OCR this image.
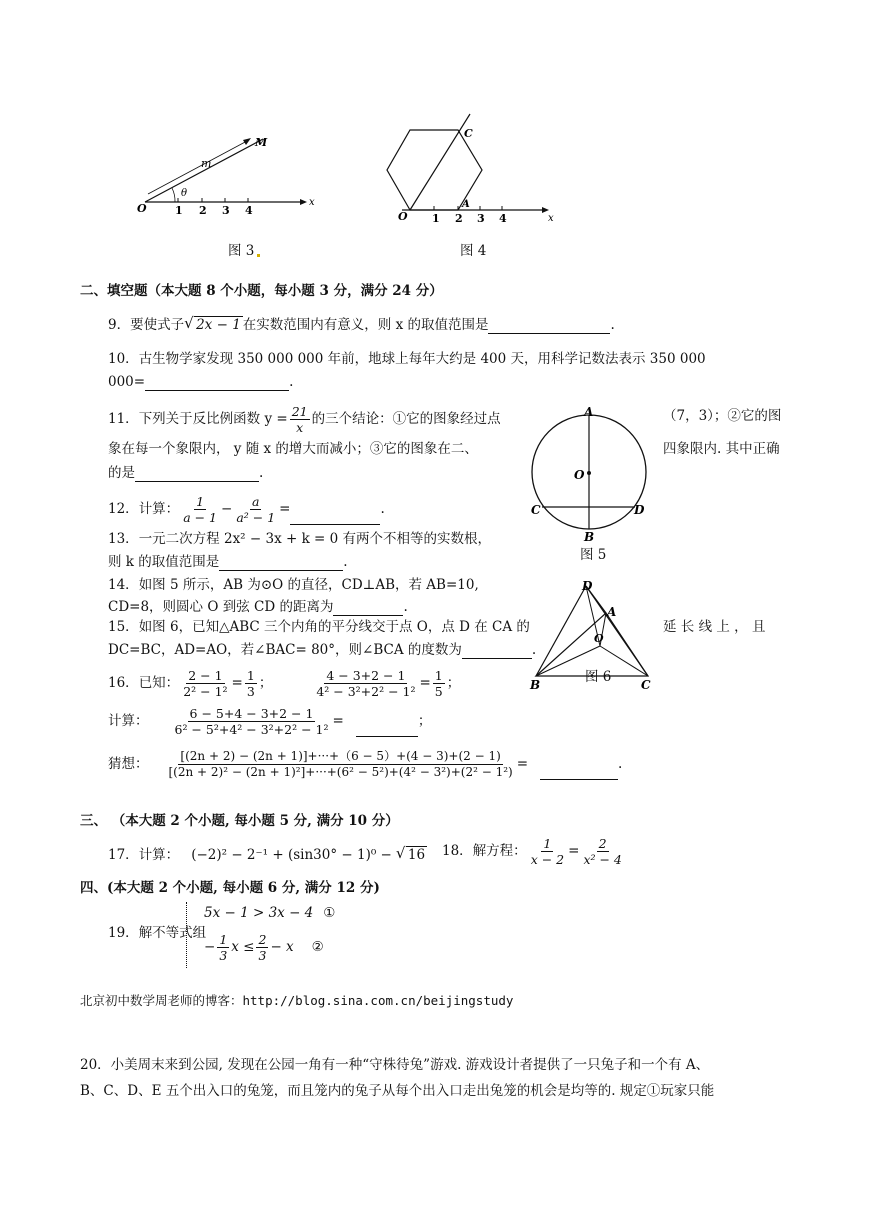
O
M
m
θ
x
1 2 3 4
图 3
O
C
A
x
1 2 3 4
图 4
二、填空题（本大题 8 个小题，每小题 3 分，满分 24 分）
9．要使式子 √ 2x − 1 在实数范围内有意义，则 x 的取值范围是	.
10．古生物学家发现 350 000 000 年前，地球上每年大约是 400 天，用科学记数法表示 350 000
000=	.
11．下列关于反比例函数 $y = \frac{21}{x}$ 的三个结论：①它的图象经过点	（7，3）；②它的图
象在每一个象限内， y 随 x 的增大而减小；③它的图象在二、	四象限内. 其中正确
的是	.
A
B
C	D
O
图 5
12．计算： $\frac{1}{a - 1} - \frac{a}{\text{a² − 1}}$ =	.
13．一元二次方程 2x² − 3x + k = 0 有两个不相等的实数根，
则 k 的取值范围是	.
14．如图 5 所示，AB 为⊙O 的直径，CD⊥AB，若 AB=10,
CD=8，则圆心 O 到弦 CD 的距离为	.
D
A
O
B	C
图 6
15．如图 6，已知△ABC 三个内角的平分线交于点 O，点 D 在 CA 的	延 长 线 上 ， 且
DC=BC，AD=AO，若∠BAC= 80°，则∠BCA 的度数为	.
16．已知： $\frac{2 - 1}{\text{2² − 1²}} = \frac{1}{3}$ ；	$\frac{4 - 3+2 - 1}{\text{4² − 3²+2² − 1²}} = \frac{1}{5}$ ；
计算： $\frac{6 - 5+4 - 3+2 - 1}{\text{6² − 5²+4² − 3²+2² − 1²}}$ =	；
猜想： $\frac{[(2n + 2) - (2n + 1)]+\cdot\cdot\cdot+(6 - 5)+(4 - 3)+(2 - 1)}{\text{[(2n + 2)² − (2n + 1)²]+···+(6² − 5²)+(4² − 3²)+(2² − 1²)}}$ =	.
三、 （本大题 2 个小题, 每小题 5 分, 满分 10 分）
17．计算： (−2)² − 2⁻¹ + (sin30° − 1)⁰ − √ 16 18．解方程： $\frac{1}{x - 2} = \frac{2}{\text{x² − 4}}$
四、(本大题 2 个小题, 每小题 6 分, 满分 12 分)
19．解不等式组
5x − 1 > 3x − 4 ①
− $\frac{1}{3}$ $x \le \frac{2}{3} - x$ ②
北京初中数学周老师的博客：http://blog.sina.com.cn/beijingstudy
20．小美周末来到公园, 发现在公园一角有一种“守株待兔”游戏. 游戏设计者提供了一只兔子和一个有 A、
B、C、D、E 五个出入口的兔笼，而且笼内的兔子从每个出入口走出兔笼的机会是均等的. 规定①玩家只能
